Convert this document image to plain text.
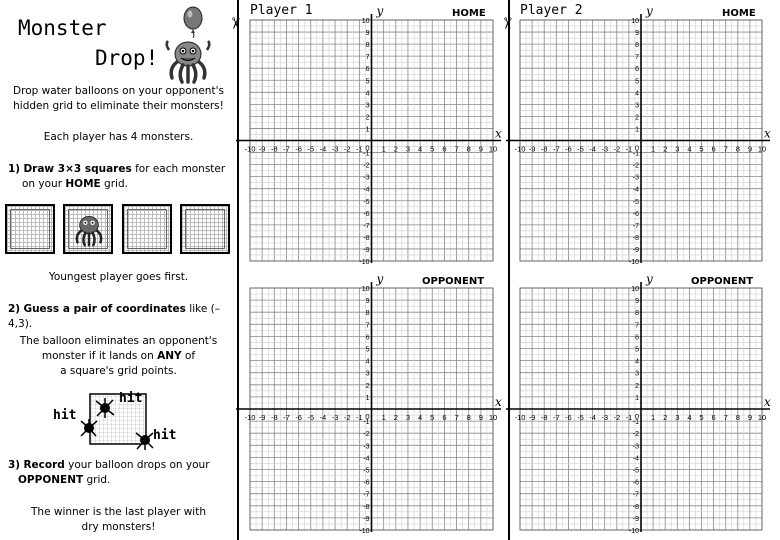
Monster
Drop!
Drop water balloons on your opponent's
hidden grid to eliminate their monsters!
Each player has 4 monsters.
1) Draw 3×3 squares for each monster
on your HOME grid.
Youngest player goes first.
2) Guess a pair of coordinates like (–4,3).
The balloon eliminates an opponent's
monster if it lands on ANY of
a square's grid points.
hit
hit
hit
3) Record your balloon drops on your
OPPONENT grid.
The winner is the last player with
dry monsters!
✂	✂
Player 1	Player 2
HOME	HOME
OPPONENT	OPPONENT
x
y
-10
-10
-9
-9
-8
-8
-7
-7
-6
-6
-5
-5
-4
-4
-3
-3
-2
-2
-1
-1
1
1
2
2
3
3
4
4
5
5
6
6
7
7
8
8
9
9
10
10
0
x
y
-10
-10
-9
-9
-8
-8
-7
-7
-6
-6
-5
-5
-4
-4
-3
-3
-2
-2
-1
-1
1
1
2
2
3
3
4
4
5
5
6
6
7
7
8
8
9
9
10
10
0
x
y
-10
-10
-9
-9
-8
-8
-7
-7
-6
-6
-5
-5
-4
-4
-3
-3
-2
-2
-1
-1
1
1
2
2
3
3
4
4
5
5
6
6
7
7
8
8
9
9
10
10
0
x
y
-10
-10
-9
-9
-8
-8
-7
-7
-6
-6
-5
-5
-4
-4
-3
-3
-2
-2
-1
-1
1
1
2
2
3
3
4
4
5
5
6
6
7
7
8
8
9
9
10
10
0
